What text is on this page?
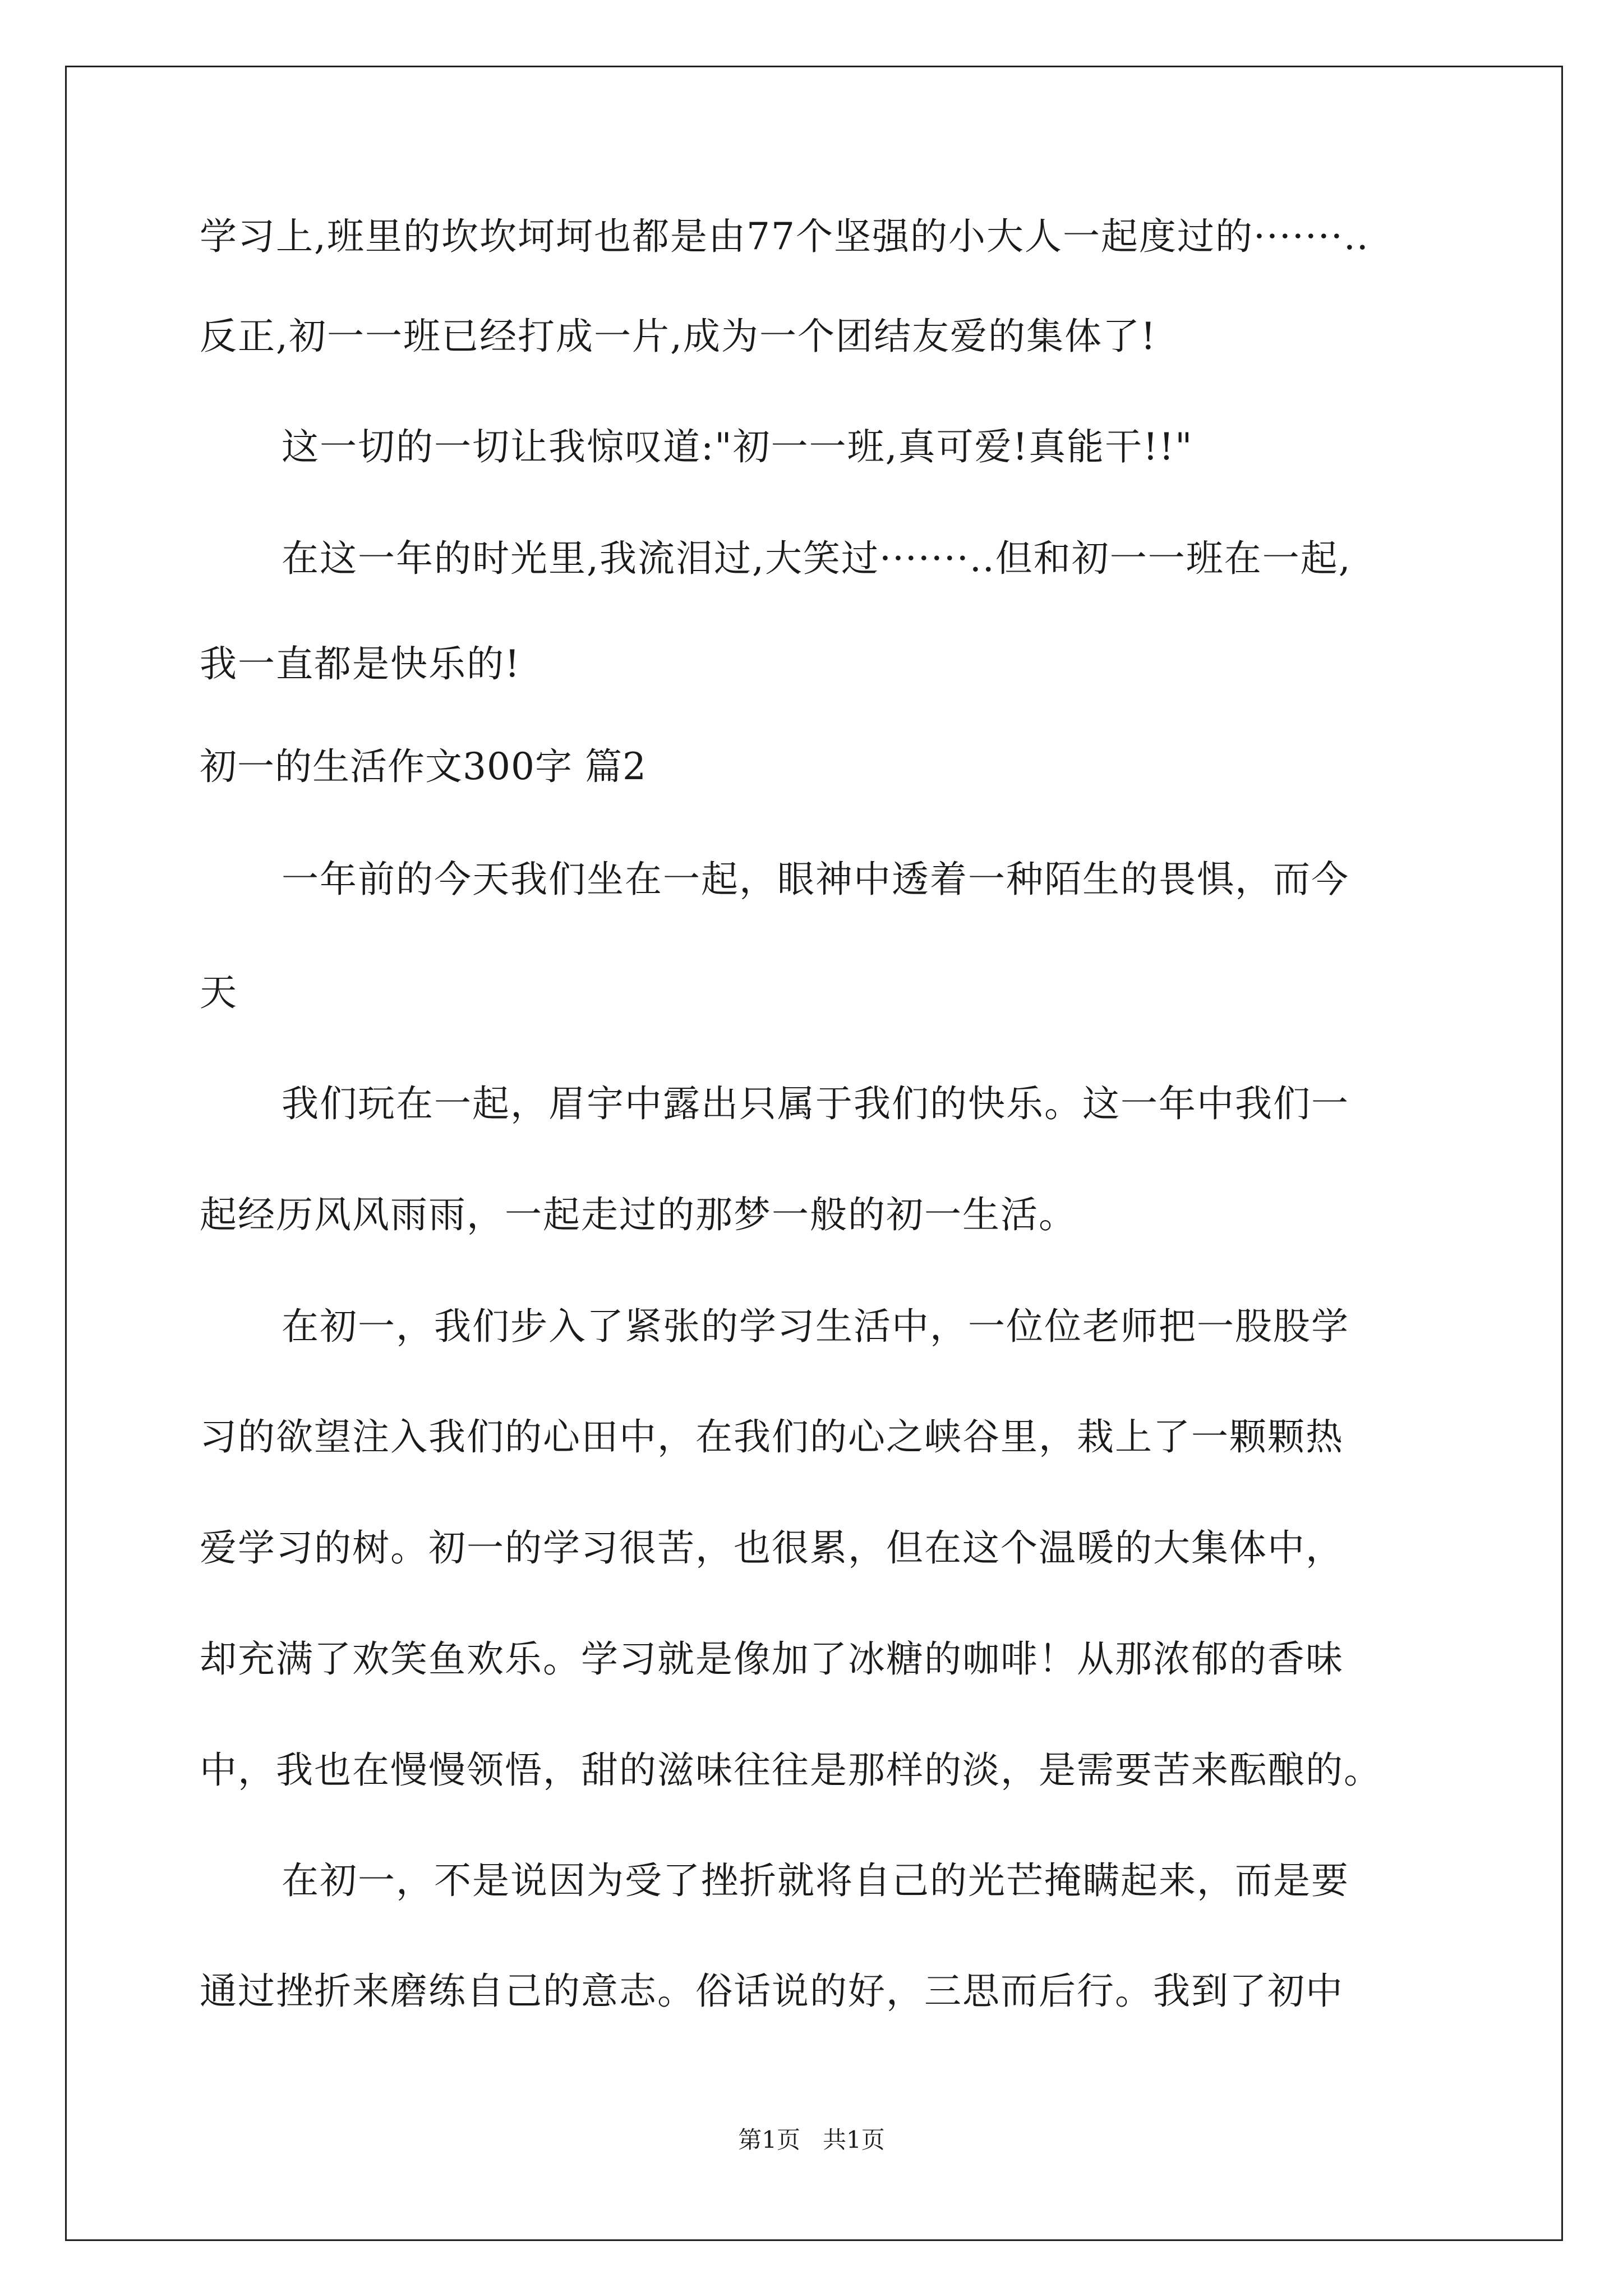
学习上,班里的坎坎坷坷也都是由77个坚强的小大人一起度过的·······..
反正,初一一班已经打成一片,成为一个团结友爱的集体了!
这一切的一切让我惊叹道:"初一一班,真可爱!真能干!!"
在这一年的时光里,我流泪过,大笑过·······..但和初一一班在一起,
我一直都是快乐的!
初一的生活作文300字 篇2
一年前的今天我们坐在一起，眼神中透着一种陌生的畏惧，而今
天
我们玩在一起，眉宇中露出只属于我们的快乐。这一年中我们一
起经历风风雨雨，一起走过的那梦一般的初一生活。
在初一，我们步入了紧张的学习生活中，一位位老师把一股股学
习的欲望注入我们的心田中，在我们的心之峡谷里，栽上了一颗颗热
爱学习的树。初一的学习很苦，也很累，但在这个温暖的大集体中，
却充满了欢笑鱼欢乐。学习就是像加了冰糖的咖啡！从那浓郁的香味
中，我也在慢慢领悟，甜的滋味往往是那样的淡，是需要苦来酝酿的。
在初一，不是说因为受了挫折就将自己的光芒掩瞒起来，而是要
通过挫折来磨练自己的意志。俗话说的好，三思而后行。我到了初中
第1页   共1页
